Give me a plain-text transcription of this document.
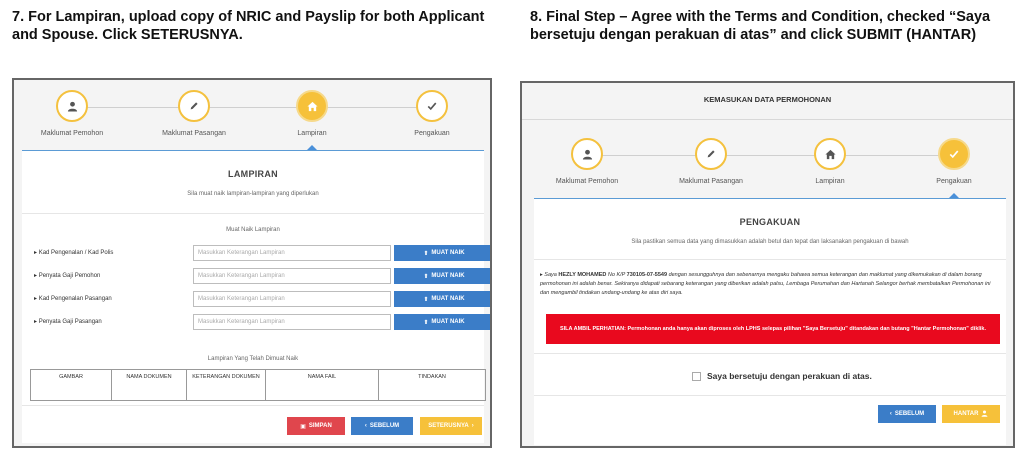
7. For Lampiran, upload copy of NRIC and Payslip for both Applicant and Spouse. Click SETERUSNYA.
8. Final Step – Agree with the Terms and Condition, checked “Saya bersetuju dengan perakuan di atas” and click SUBMIT (HANTAR)
Maklumat Pemohon	Maklumat Pasangan	Lampiran	Pengakuan
LAMPIRAN
Sila muat naik lampiran-lampiran yang diperlukan
Muat Naik Lampiran
▸ Kad Pengenalan / Kad Polis	Masukkan Keterangan Lampiran	⬆ MUAT NAIK
▸ Penyata Gaji Pemohon	Masukkan Keterangan Lampiran	⬆ MUAT NAIK
▸ Kad Pengenalan Pasangan	Masukkan Keterangan Lampiran	⬆ MUAT NAIK
▸ Penyata Gaji Pasangan	Masukkan Keterangan Lampiran	⬆ MUAT NAIK
Lampiran Yang Telah Dimuat Naik
GAMBAR	NAMA DOKUMEN	KETERANGAN DOKUMEN	NAMA FAIL	TINDAKAN
▣ SIMPAN	‹ SEBELUM	SETERUSNYA ›
KEMASUKAN DATA PERMOHONAN
Maklumat Pemohon	Maklumat Pasangan	Lampiran	Pengakuan
PENGAKUAN
Sila pastikan semua data yang dimasukkan adalah betul dan tepat dan laksanakan pengakuan di bawah
▸ Saya HEZLY MOHAMED No K/P 730105-07-5549 dengan sesungguhnya dan sebenarnya mengaku bahawa semua keterangan dan maklumat yang dikemukakan di dalam borang permohonan ini adalah benar. Sekiranya didapati sebarang keterangan yang diberikan adalah palsu, Lembaga Perumahan dan Hartanah Selangor berhak membatalkan Permohonan ini dan mengambil tindakan undang-undang ke atas diri saya.
SILA AMBIL PERHATIAN: Permohonan anda hanya akan diproses oleh LPHS selepas pilihan "Saya Bersetuju" ditandakan dan butang "Hantar Permohonan" diklik.
Saya bersetuju dengan perakuan di atas.
‹ SEBELUM	HANTAR
